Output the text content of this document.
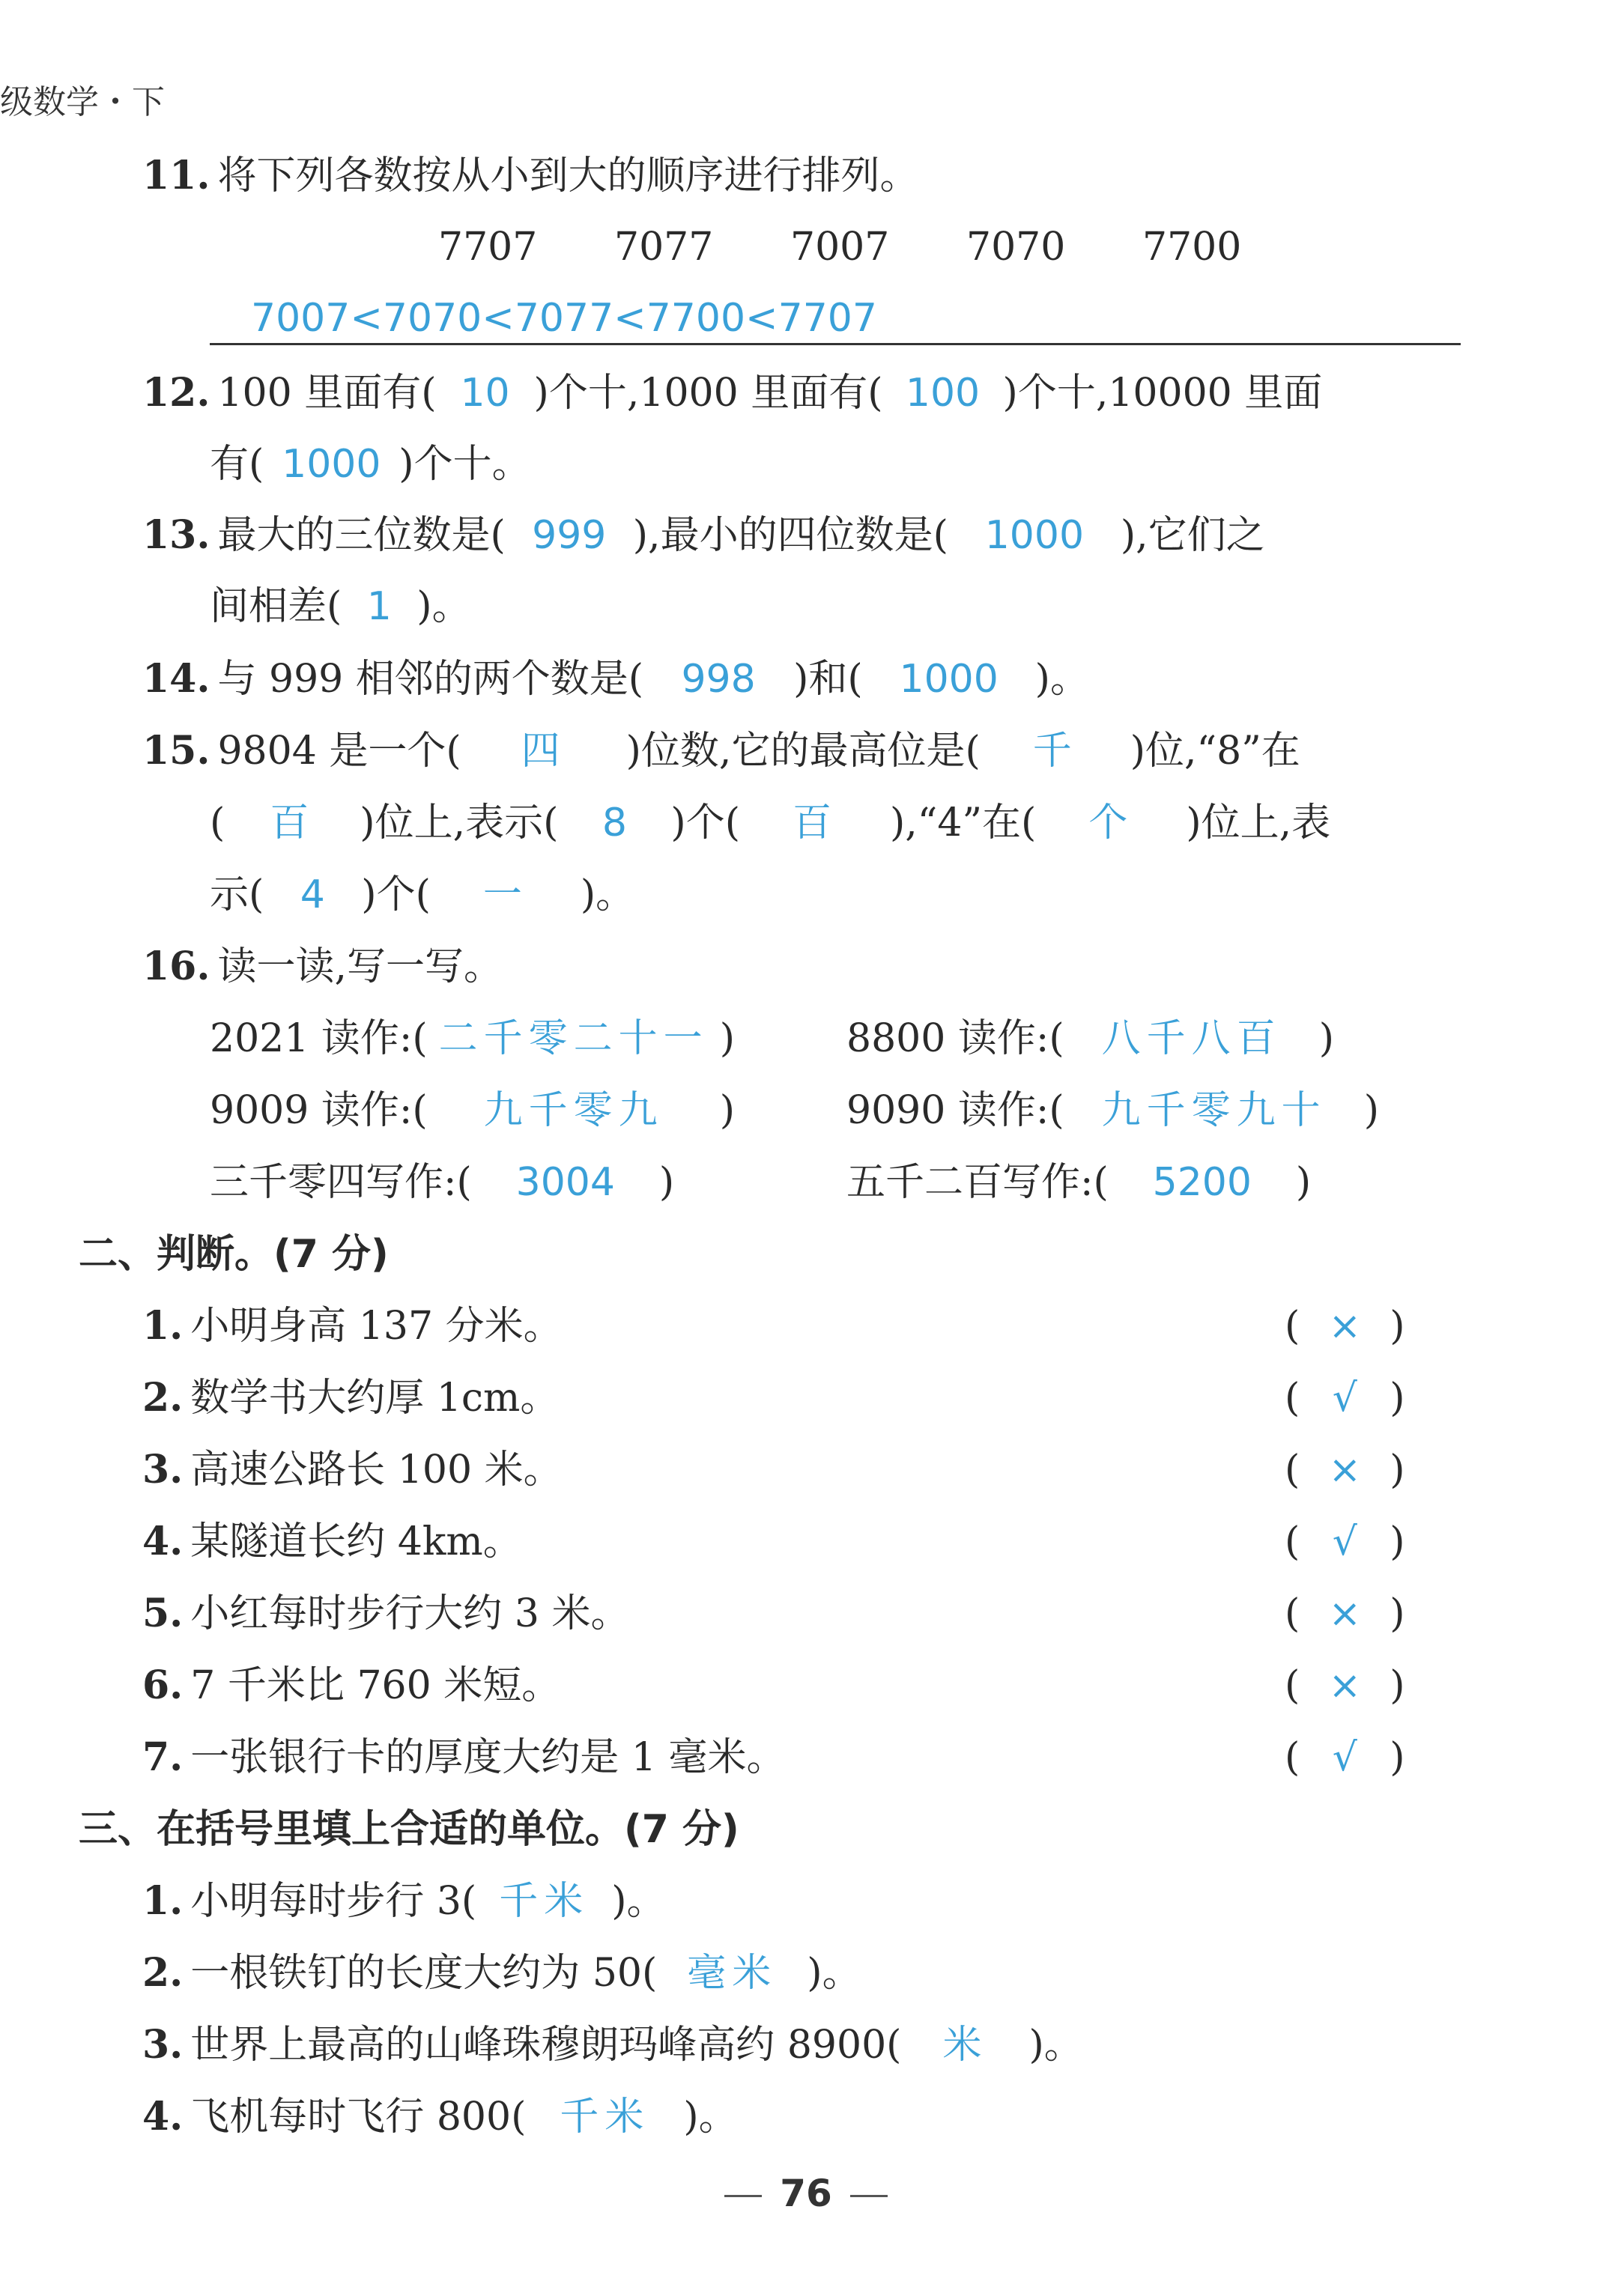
级数学・下
11. 将下列各数按从小到大的顺序进行排列。
7707 7077 7007 7070 7700
7007<7070<7077<7700<7707
12. 100 里面有( 10 )个十,1000 里面有( 100 )个十,10000 里面
有( 1000 )个十。
13. 最大的三位数是( 999 ),最小的四位数是( 1000 ),它们之
间相差( 1 )。
14. 与 999 相邻的两个数是( 998 )和( 1000 )。
15. 9804 是一个( 四 )位数,它的最高位是( 千 )位,“8”在
( 百 )位上,表示( 8 )个( 百 ),“4”在( 个 )位上,表
示( 4 )个( 一 )。
16. 读一读,写一写。
2021 读作:( 二千零二十一 )	8800 读作:( 八千八百 )
9009 读作:( 九千零九 )	9090 读作:( 九千零九十 )
三千零四写作:( 3004 )	五千二百写作:( 5200 )
二、判断。(7 分)
1. 小明身高 137 分米。	( × )
2. 数学书大约厚 1cm。	( √ )
3. 高速公路长 100 米。	( × )
4. 某隧道长约 4km。	( √ )
5. 小红每时步行大约 3 米。	( × )
6. 7 千米比 760 米短。	( × )
7. 一张银行卡的厚度大约是 1 毫米。	( √ )
三、在括号里填上合适的单位。(7 分)
1. 小明每时步行 3( 千米 )。
2. 一根铁钉的长度大约为 50( 毫米 )。
3. 世界上最高的山峰珠穆朗玛峰高约 8900( 米 )。
4. 飞机每时飞行 800( 千米 )。
76
